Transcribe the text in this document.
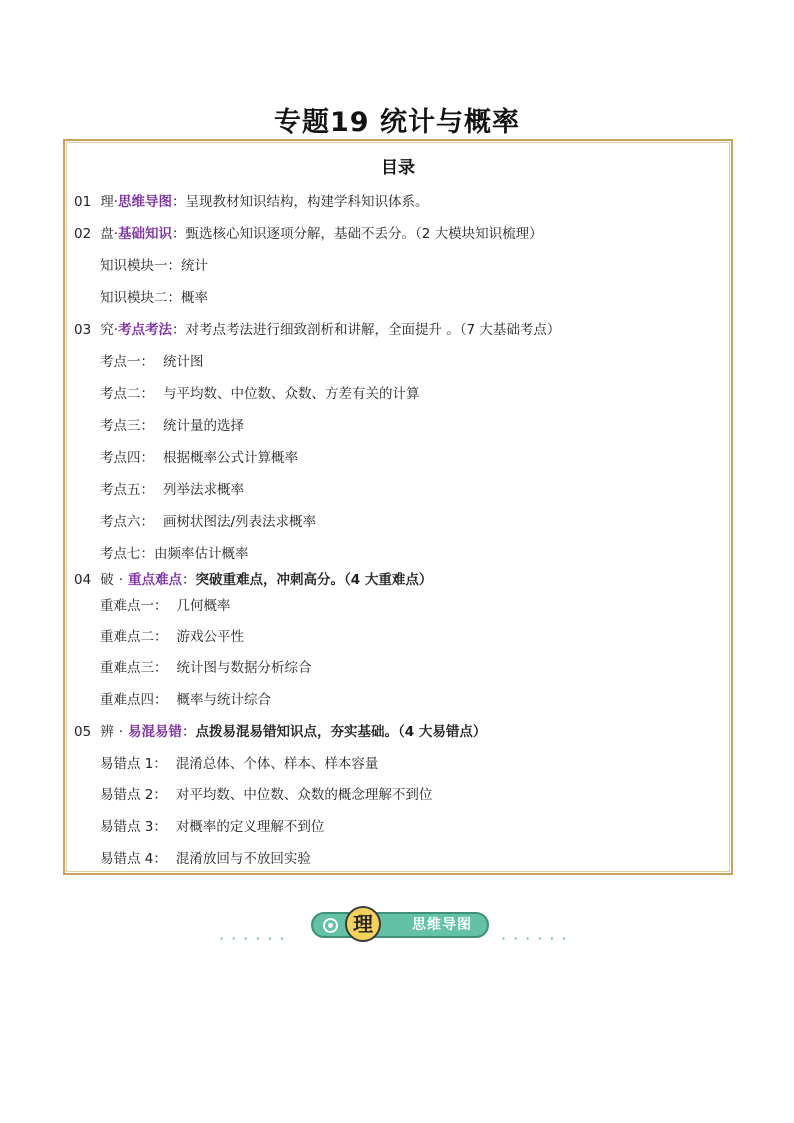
专题19 统计与概率
目录
01 理·思维导图：呈现教材知识结构，构建学科知识体系。
02 盘·基础知识：甄选核心知识逐项分解，基础不丢分。（2 大模块知识梳理）
知识模块一：统计
知识模块二：概率
03 究·考点考法：对考点考法进行细致剖析和讲解，全面提升 。（7 大基础考点）
考点一： 统计图
考点二： 与平均数、中位数、众数、方差有关的计算
考点三： 统计量的选择
考点四： 根据概率公式计算概率
考点五： 列举法求概率
考点六： 画树状图法/列表法求概率
考点七：由频率估计概率
04 破 · 重点难点：突破重难点，冲刺高分。（4 大重难点）
重难点一： 几何概率
重难点二： 游戏公平性
重难点三： 统计图与数据分析综合
重难点四： 概率与统计综合
05 辨 · 易混易错：点拨易混易错知识点，夯实基础。（4 大易错点）
易错点 1： 混淆总体、个体、样本、样本容量
易错点 2： 对平均数、中位数、众数的概念理解不到位
易错点 3： 对概率的定义理解不到位
易错点 4： 混淆放回与不放回实验
······
思维导图
理
······
